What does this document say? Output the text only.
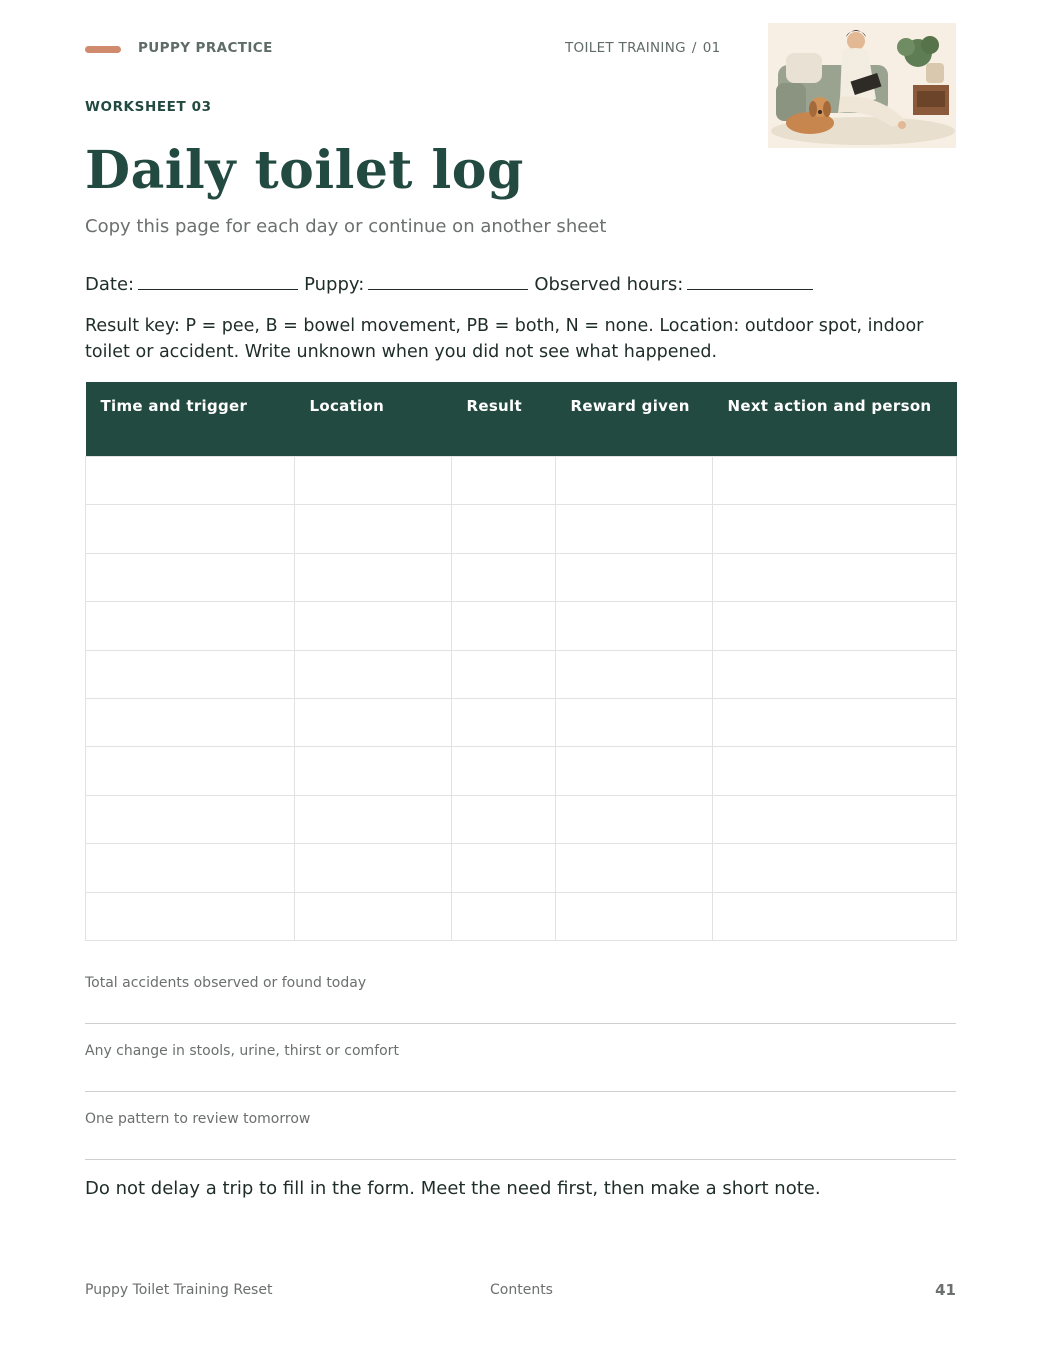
PUPPY PRACTICE	TOILET TRAINING / 01
WORKSHEET 03
Daily toilet log
Copy this page for each day or continue on another sheet
Date:	Puppy:	Observed hours:
Result key: P = pee, B = bowel movement, PB = both, N = none. Location: outdoor spot, indoor toilet or accident. Write unknown when you did not see what happened.
Time and trigger	Location	Result	Reward given	Next action and person

Total accidents observed or found today
Any change in stools, urine, thirst or comfort
One pattern to review tomorrow
Do not delay a trip to fill in the form. Meet the need first, then make a short note.
Puppy Toilet Training Reset	Contents	41
